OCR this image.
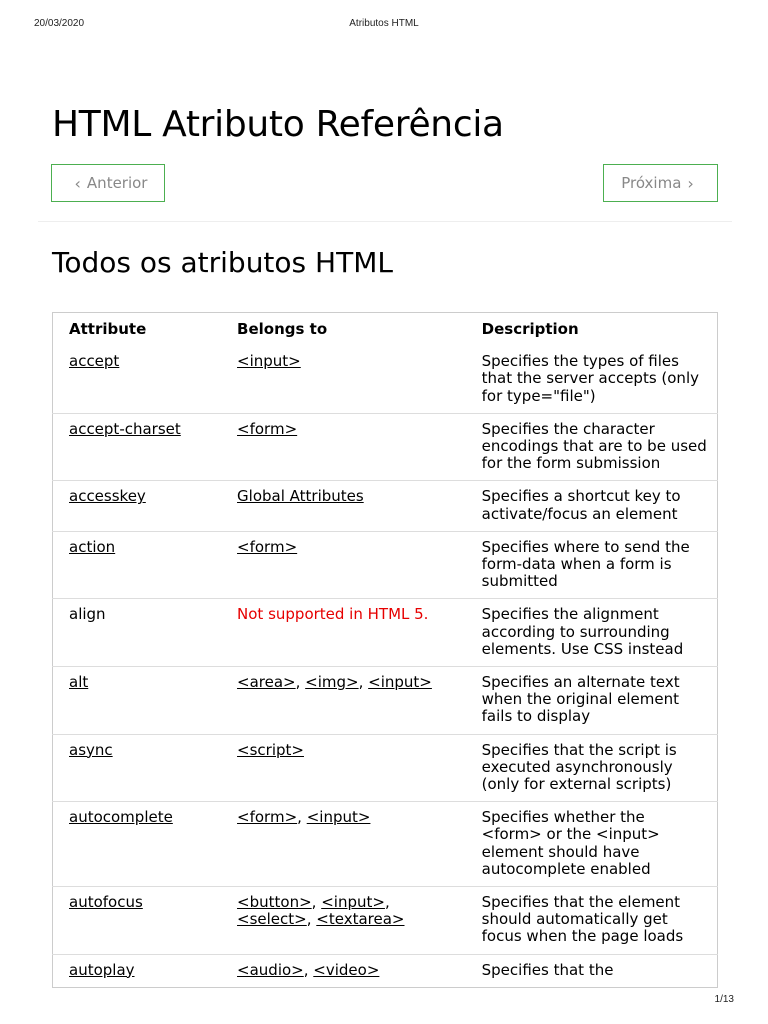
20/03/2020	Atributos HTML
HTML Atributo Referência
‹ Anterior	Próxima ›
Todos os atributos HTML
Attribute	Belongs to	Description
accept	<input>	Specifies the types of files that the server accepts (only for type="file")
accept-charset	<form>	Specifies the character encodings that are to be used for the form submission
accesskey	Global Attributes	Specifies a shortcut key to activate/focus an element
action	<form>	Specifies where to send the form-data when a form is submitted
align	Not supported in HTML 5.	Specifies the alignment according to surrounding elements. Use CSS instead
alt	<area>, <img>, <input>	Specifies an alternate text when the original element fails to display
async	<script>	Specifies that the script is executed asynchronously (only for external scripts)
autocomplete	<form>, <input>	Specifies whether the <form> or the <input> element should have autocomplete enabled
autofocus	<button>, <input>, <select>, <textarea>	Specifies that the element should automatically get focus when the page loads
autoplay	<audio>, <video>	Specifies that the
1/13
